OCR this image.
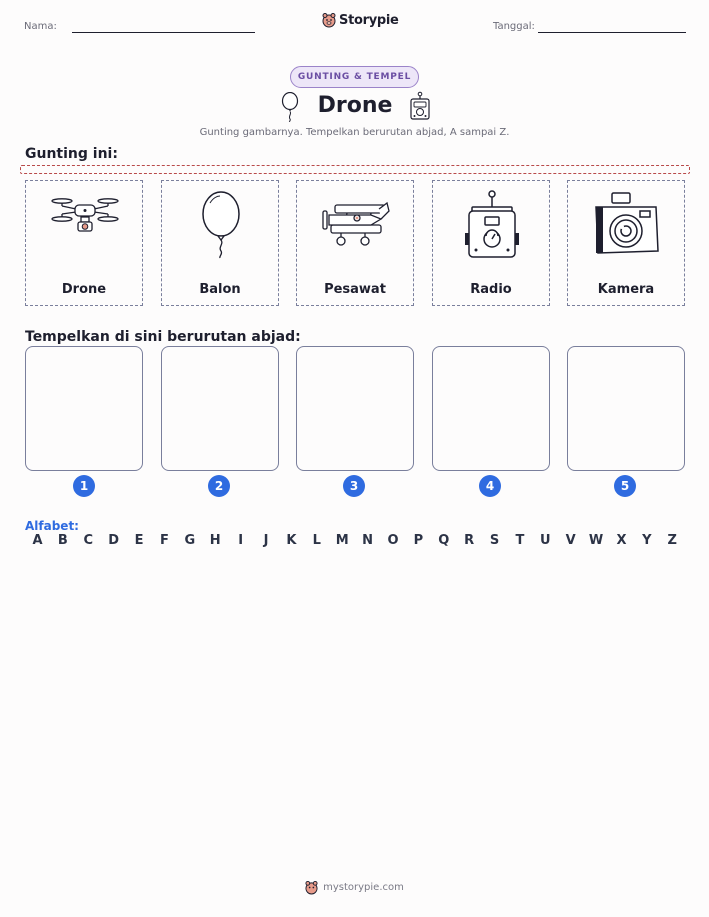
Nama:	Storypie	Tanggal:
GUNTING & TEMPEL
Drone
Gunting gambarnya. Tempelkan berurutan abjad, A sampai Z.
Gunting ini:
Drone	Balon	Pesawat	Radio	Kamera
Tempelkan di sini berurutan abjad:
1	2	3	4	5
Alfabet:
A	B	C	D	E	F	G	H	I	J	K	L	M	N	O	P	Q	R	S	T	U	V	W	X	Y	Z
mystorypie.com
